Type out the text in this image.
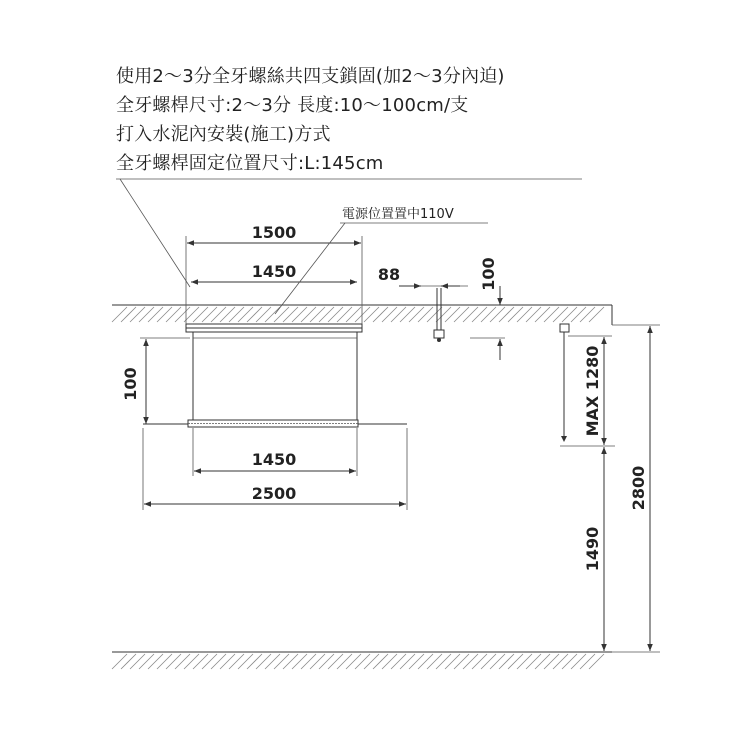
使用2～3分全牙螺絲共四支鎖固(加2～3分內迫)
全牙螺桿尺寸:2～3分 長度:10～100cm/支
打入水泥內安裝(施工)方式
全牙螺桿固定位置尺寸:L:145cm
1500
1450
電源位置置中110V
88	100
100
1450
2500
MAX 1280
1490
2800
